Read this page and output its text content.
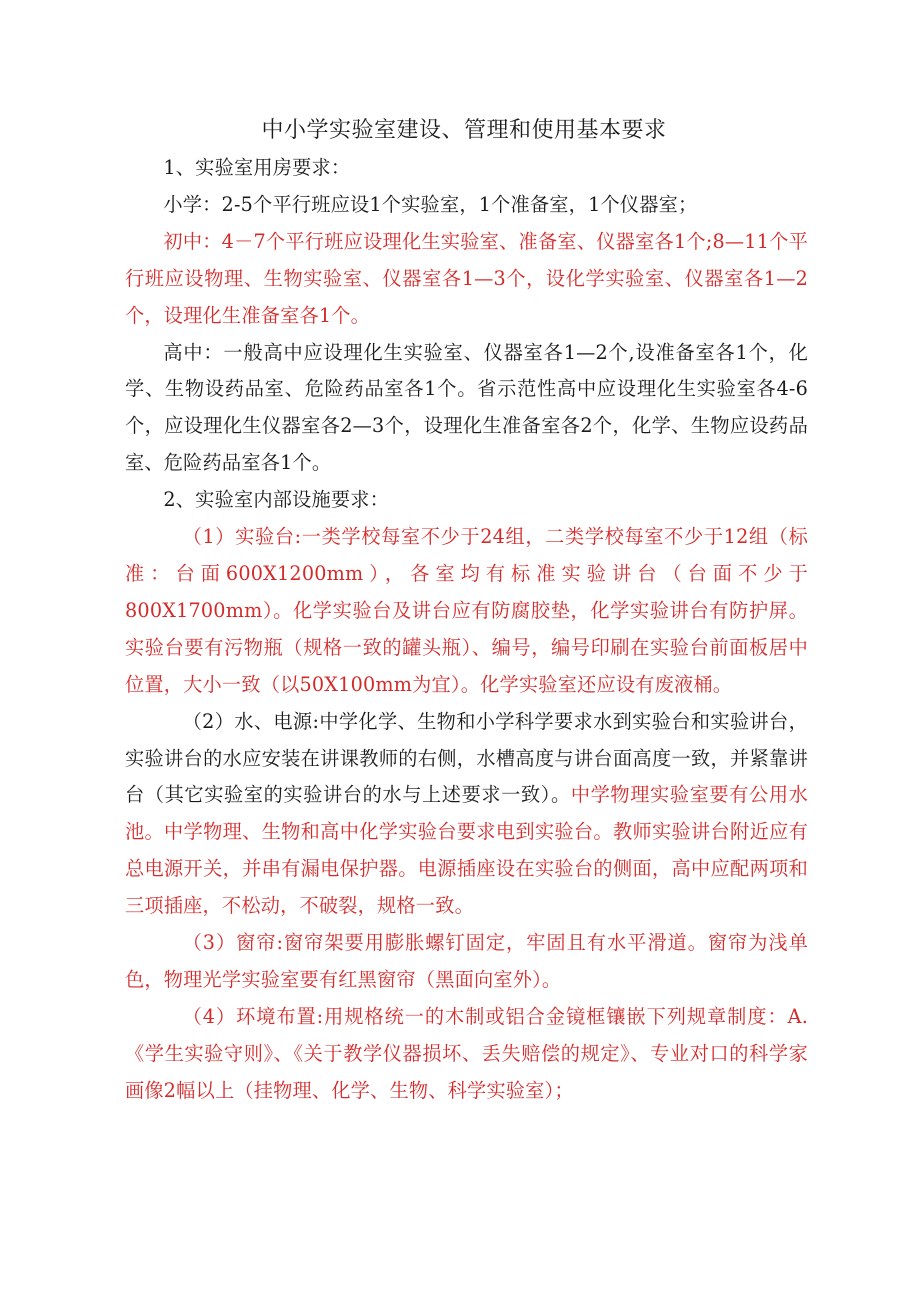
中小学实验室建设、管理和使用基本要求

1、实验室用房要求：

小学：2-5个平行班应设1个实验室，1个准备室，1个仪器室；

初中：4－7个平行班应设理化生实验室、准备室、仪器室各1个;8—11个平行班应设物理、生物实验室、仪器室各1—3个，设化学实验室、仪器室各1—2个，设理化生准备室各1个。

高中：一般高中应设理化生实验室、仪器室各1—2个,设准备室各1个，化学、生物设药品室、危险药品室各1个。省示范性高中应设理化生实验室各4-6个，应设理化生仪器室各2—3个，设理化生准备室各2个，化学、生物应设药品室、危险药品室各1个。

2、实验室内部设施要求：

（1）实验台:一类学校每室不少于24组，二类学校每室不少于12组（标准：台面600X1200mm），各室均有标准实验讲台（台面不少于800X1700mm）。化学实验台及讲台应有防腐胶垫，化学实验讲台有防护屏。实验台要有污物瓶（规格一致的罐头瓶）、编号，编号印刷在实验台前面板居中位置，大小一致（以50X100mm为宜）。化学实验室还应设有废液桶。

（2）水、电源:中学化学、生物和小学科学要求水到实验台和实验讲台，实验讲台的水应安装在讲课教师的右侧，水槽高度与讲台面高度一致，并紧靠讲台（其它实验室的实验讲台的水与上述要求一致）。中学物理实验室要有公用水池。中学物理、生物和高中化学实验台要求电到实验台。教师实验讲台附近应有总电源开关，并串有漏电保护器。电源插座设在实验台的侧面，高中应配两项和三项插座，不松动，不破裂，规格一致。

（3）窗帘:窗帘架要用膨胀螺钉固定，牢固且有水平滑道。窗帘为浅单色，物理光学实验室要有红黑窗帘（黑面向室外）。

（4）环境布置:用规格统一的木制或铝合金镜框镶嵌下列规章制度：A.《学生实验守则》、《关于教学仪器损坏、丢失赔偿的规定》、专业对口的科学家画像2幅以上（挂物理、化学、生物、科学实验室）；
